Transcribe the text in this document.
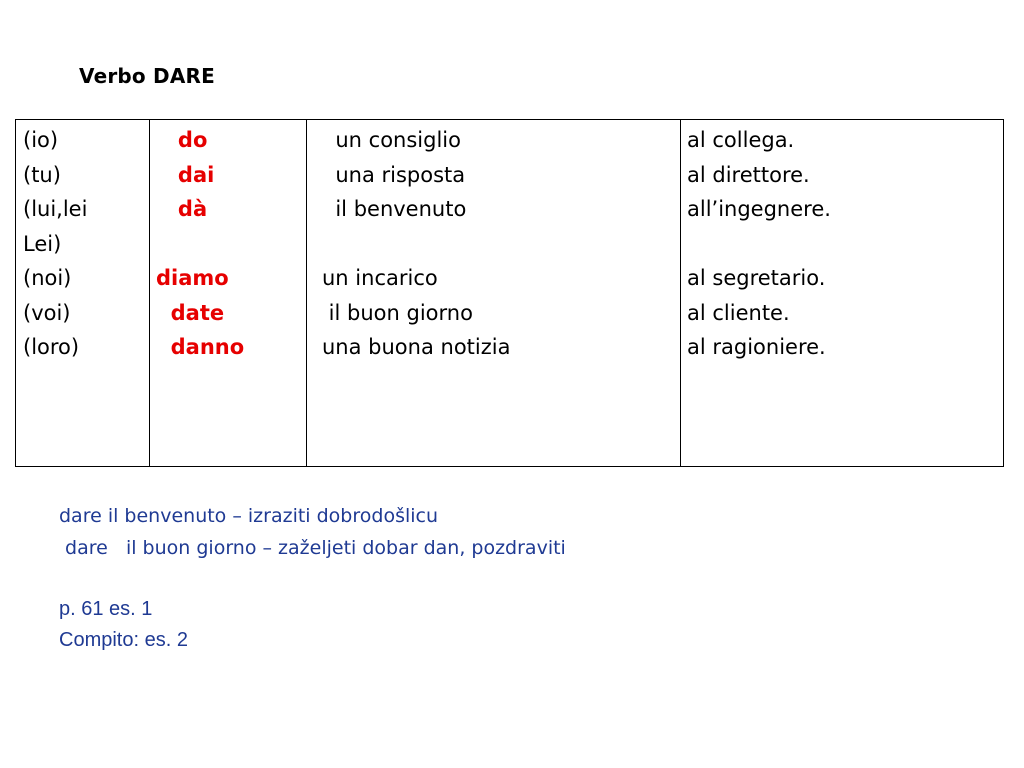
Verbo DARE
(io)
(tu)
(lui,lei
Lei)
(noi)
(voi)
(loro)
do
dai
dà
diamo
date
danno
un consiglio
una risposta
il benvenuto
un incarico
il buon giorno
una buona notizia
al collega.
al direttore.
all’ingegnere.
al segretario.
al cliente.
al ragioniere.
dare il benvenuto – izraziti dobrodošlicu
dare   il buon giorno – zaželjeti dobar dan, pozdraviti
p. 61 es. 1
Compito: es. 2
